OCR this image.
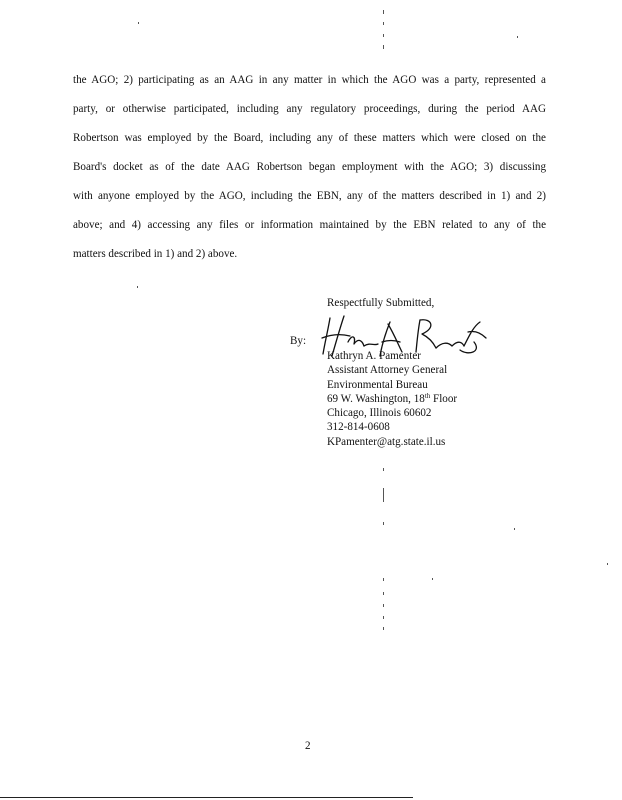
the AGO; 2) participating as an AAG in any matter in which the AGO was a party, represented a
party, or otherwise participated, including any regulatory proceedings, during the period AAG
Robertson was employed by the Board, including any of these matters which were closed on the
Board's docket as of the date AAG Robertson began employment with the AGO; 3) discussing
with anyone employed by the AGO, including the EBN, any of the matters described in 1) and 2)
above; and 4) accessing any files or information maintained by the EBN related to any of the
matters described in 1) and 2) above.
Respectfully Submitted,
By:
Kathryn A. Pamenter
Assistant Attorney General
Environmental Bureau
69 W. Washington, 18th Floor
Chicago, Illinois 60602
312-814-0608
KPamenter@atg.state.il.us
2
